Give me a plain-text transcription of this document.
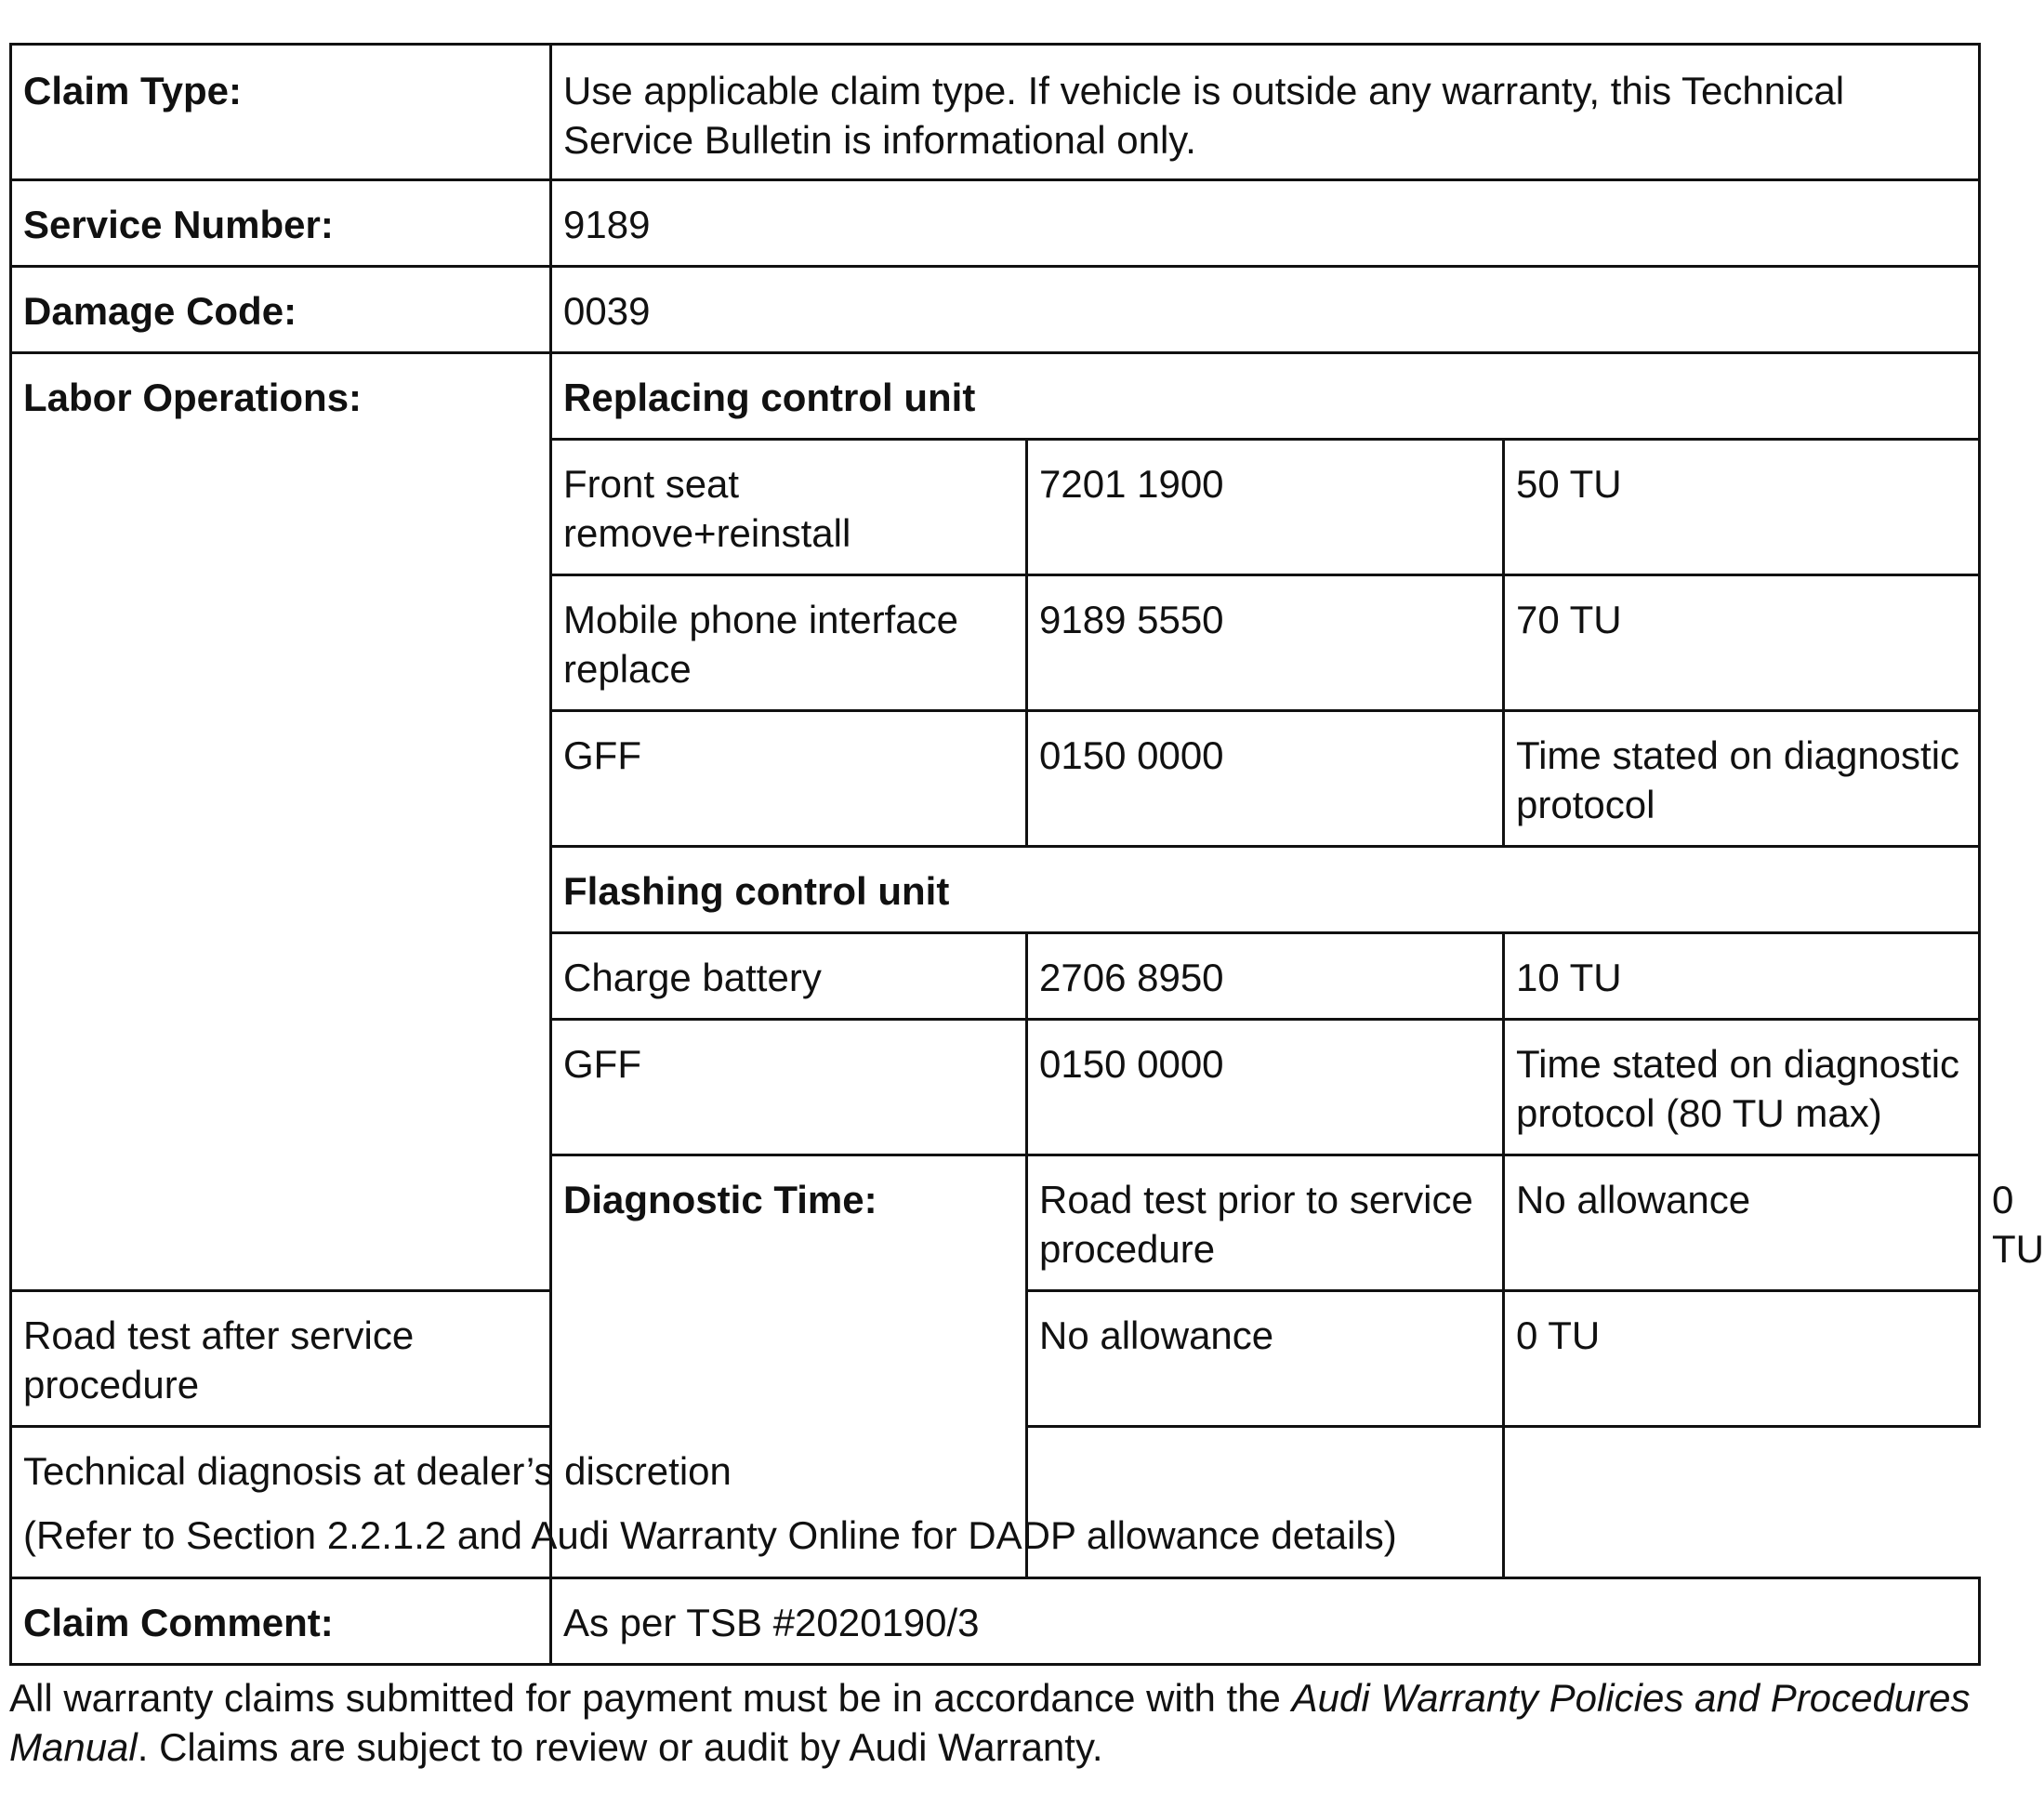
Claim Type:	Use applicable claim type. If vehicle is outside any warranty, this Technical Service Bulletin is informational only.			
Service Number:	9189			
Damage Code:	0039			
Labor Operations:	Replacing control unit			
	Front seat remove+reinstall	7201 1900	50 TU	
	Mobile phone interface replace	9189 5550	70 TU	
	GFF	0150 0000	Time stated on diagnostic protocol	
	Flashing control unit			
	Charge battery	2706 8950	10 TU	
	GFF	0150 0000	Time stated on diagnostic protocol (80 TU max)	
	Diagnostic Time:	Road test prior to service procedure	No allowance	0 TU
Road test after service procedure		No allowance	0 TU	
Technical diagnosis at dealer’s discretion
(Refer to Section 2.2.1.2 and Audi Warranty Online for DADP allowance details)				

Claim Comment:	As per TSB #2020190/3			

All warranty claims submitted for payment must be in accordance with the Audi Warranty Policies and Procedures Manual. Claims are subject to review or audit by Audi Warranty.
